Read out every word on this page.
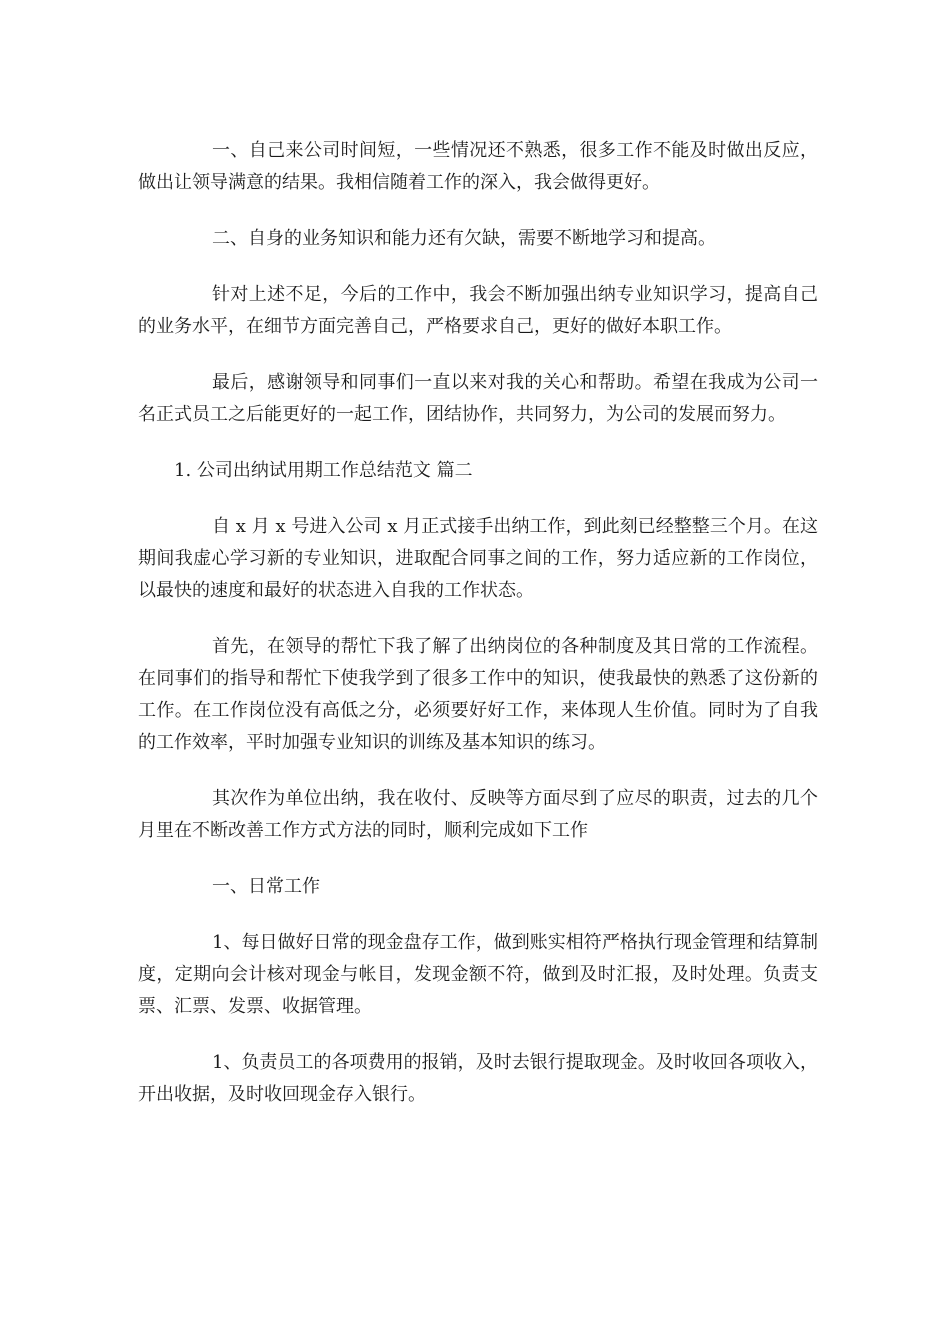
一、自己来公司时间短，一些情况还不熟悉，很多工作不能及时做出反应，做出让领导满意的结果。我相信随着工作的深入，我会做得更好。

二、自身的业务知识和能力还有欠缺，需要不断地学习和提高。

针对上述不足，今后的工作中，我会不断加强出纳专业知识学习，提高自己的业务水平，在细节方面完善自己，严格要求自己，更好的做好本职工作。

最后，感谢领导和同事们一直以来对我的关心和帮助。希望在我成为公司一名正式员工之后能更好的一起工作，团结协作，共同努力，为公司的发展而努力。

1. 公司出纳试用期工作总结范文 篇二

自 x 月 x 号进入公司 x 月正式接手出纳工作，到此刻已经整整三个月。在这期间我虚心学习新的专业知识，进取配合同事之间的工作，努力适应新的工作岗位，以最快的速度和最好的状态进入自我的工作状态。

首先，在领导的帮忙下我了解了出纳岗位的各种制度及其日常的工作流程。在同事们的指导和帮忙下使我学到了很多工作中的知识，使我最快的熟悉了这份新的工作。在工作岗位没有高低之分，必须要好好工作，来体现人生价值。同时为了自我的工作效率，平时加强专业知识的训练及基本知识的练习。

其次作为单位出纳，我在收付、反映等方面尽到了应尽的职责，过去的几个月里在不断改善工作方式方法的同时，顺利完成如下工作

一、日常工作

1、每日做好日常的现金盘存工作，做到账实相符严格执行现金管理和结算制度，定期向会计核对现金与帐目，发现金额不符，做到及时汇报，及时处理。负责支票、汇票、发票、收据管理。

1、负责员工的各项费用的报销，及时去银行提取现金。及时收回各项收入，开出收据，及时收回现金存入银行。
